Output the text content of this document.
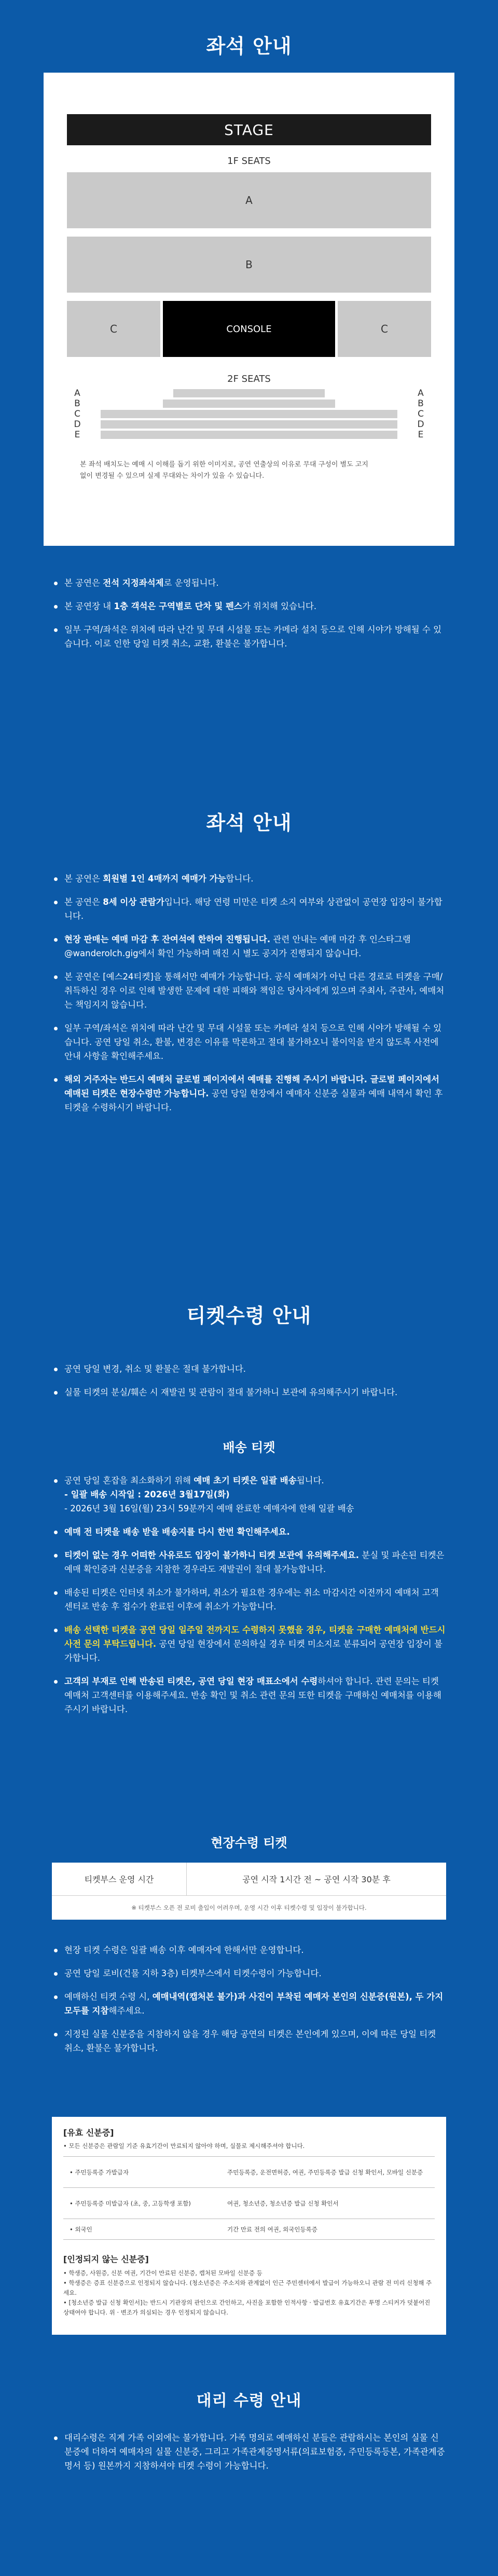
좌석 안내
STAGE
1F SEATS
A
B
C	CONSOLE	C
2F SEATS
A
B
C
D
E
A
B
C
D
E
본 좌석 배치도는 예매 시 이해를 돕기 위한 이미지로, 공연 연출상의 이유로 무대 구성이 별도 고지
없이 변경될 수 있으며 실제 무대와는 차이가 있을 수 있습니다.
본 공연은 전석 지정좌석제로 운영됩니다.
본 공연장 내 1층 객석은 구역별로 단차 및 펜스가 위치해 있습니다.
일부 구역/좌석은 위치에 따라 난간 및 무대 시설물 또는 카메라 설치 등으로 인해 시야가 방해될 수 있습니다. 이로 인한 당일 티켓 취소, 교환, 환불은 불가합니다.
좌석 안내
본 공연은 회원별 1인 4매까지 예매가 가능합니다.
본 공연은 8세 이상 관람가입니다. 해당 연령 미만은 티켓 소지 여부와 상관없이 공연장 입장이 불가합니다.
현장 판매는 예매 마감 후 잔여석에 한하여 진행됩니다. 관련 안내는 예매 마감 후 인스타그램 @wanderolch.gig에서 확인 가능하며 매진 시 별도 공지가 진행되지 않습니다.
본 공연은 [예스24티켓]을 통해서만 예매가 가능합니다. 공식 예매처가 아닌 다른 경로로 티켓을 구매/취득하신 경우 이로 인해 발생한 문제에 대한 피해와 책임은 당사자에게 있으며 주최사, 주관사, 예매처는 책임지지 않습니다.
일부 구역/좌석은 위치에 따라 난간 및 무대 시설물 또는 카메라 설치 등으로 인해 시야가 방해될 수 있습니다. 공연 당일 취소, 환불, 변경은 이유를 막론하고 절대 불가하오니 불이익을 받지 않도록 사전에 안내 사항을 확인해주세요.
해외 거주자는 반드시 예매처 글로벌 페이지에서 예매를 진행해 주시기 바랍니다. 글로벌 페이지에서 예매된 티켓은 현장수령만 가능합니다. 공연 당일 현장에서 예매자 신분증 실물과 예매 내역서 확인 후 티켓을 수령하시기 바랍니다.
티켓수령 안내
공연 당일 변경, 취소 및 환불은 절대 불가합니다.
실물 티켓의 분실/훼손 시 재발권 및 관람이 절대 불가하니 보관에 유의해주시기 바랍니다.
배송 티켓
공연 당일 혼잡을 최소화하기 위해 예매 초기 티켓은 일괄 배송됩니다.
- 일괄 배송 시작일 : 2026년 3월17일(화)
- 2026년 3월 16일(월) 23시 59분까지 예매 완료한 예매자에 한해 일괄 배송
예매 전 티켓을 배송 받을 배송지를 다시 한번 확인해주세요.
티켓이 없는 경우 어떠한 사유로도 입장이 불가하니 티켓 보관에 유의해주세요. 분실 및 파손된 티켓은 예매 확인증과 신분증을 지참한 경우라도 재발권이 절대 불가능합니다.
배송된 티켓은 인터넷 취소가 불가하며, 취소가 필요한 경우에는 취소 마감시간 이전까지 예매처 고객센터로 반송 후 접수가 완료된 이후에 취소가 가능합니다.
배송 선택한 티켓을 공연 당일 일주일 전까지도 수령하지 못했을 경우, 티켓을 구매한 예매처에 반드시 사전 문의 부탁드립니다. 공연 당일 현장에서 문의하실 경우 티켓 미소지로 분류되어 공연장 입장이 불가합니다.
고객의 부재로 인해 반송된 티켓은, 공연 당일 현장 매표소에서 수령하셔야 합니다. 관련 문의는 티켓 예매처 고객센터를 이용해주세요. 반송 확인 및 취소 관련 문의 또한 티켓을 구매하신 예매처를 이용해주시기 바랍니다.
현장수령 티켓
티켓부스 운영 시간	공연 시작 1시간 전 ~ 공연 시작 30분 후
※ 티켓부스 오픈 전 로비 출입이 어려우며, 운영 시간 이후 티켓수령 및 입장이 불가합니다.
현장 티켓 수령은 일괄 배송 이후 예매자에 한해서만 운영합니다.
공연 당일 로비(건물 지하 3층) 티켓부스에서 티켓수령이 가능합니다.
예매하신 티켓 수령 시, 예매내역(캡처본 불가)과 사진이 부착된 예매자 본인의 신분증(원본), 두 가지 모두를 지참해주세요.
지정된 실물 신분증을 지참하지 않을 경우 해당 공연의 티켓은 본인에게 있으며, 이에 따른 당일 티켓 취소, 환불은 불가합니다.
[유효 신분증]
• 모든 신분증은 관람일 기준 유효기간이 만료되지 않아야 하며, 실물로 제시해주셔야 합니다.
• 주민등록증 가발급자	주민등록증, 운전면허증, 여권, 주민등록증 발급 신청 확인서, 모바일 신분증
• 주민등록증 미발급자 (초, 중, 고등학생 포함)	여권, 청소년증, 청소년증 발급 신청 확인서
• 외국인	기간 만료 전의 여권, 외국인등록증
[인정되지 않는 신분증]
• 학생증, 사원증, 신분 여권, 기간이 만료된 신분증, 캡처된 모바일 신분증 등
• 학생증은 증표 신분증으로 인정되지 않습니다. (청소년증은 주소지와 관계없이 인근 주민센터에서 발급이 가능하오니 관람 전 미리 신청해 주세요.
• [청소년증 발급 신청 확인서]는 반드시 기관장의 관인으로 간인하고, 사진을 포함한 인적사항 · 발급번호 유효기간은 투명 스티커가 덧붙어진 상태여야 합니다. 위 · 변조가 의심되는 경우 인정되지 않습니다.
대리 수령 안내
대리수령은 직계 가족 이외에는 불가합니다. 가족 명의로 예매하신 분들은 관람하시는 본인의 실물 신분증에 더하여 예매자의 실물 신분증, 그리고 가족관계증명서류(의료보험증, 주민등록등본, 가족관계증명서 등) 원본까지 지참하셔야 티켓 수령이 가능합니다.
